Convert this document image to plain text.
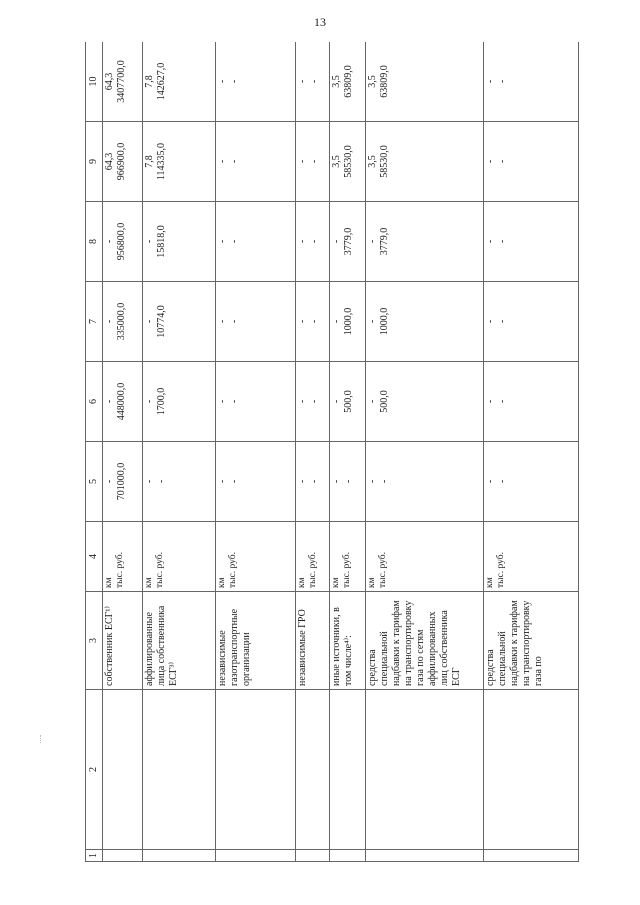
13
1	2	3	4	5	6	7	8	9	10
		собственник ЕСГ¹⁾	км тыс. руб.	- 701000,0	- 448000,0	- 335000,0	- 956800,0	64,3 966900,0	64,3 3407700,0

		аффилированные лица собственника ЕСГ³⁾	км тыс. руб.	- -	- 1700,0	- 10774,0	- 15818,0	7,8 114335,0	7,8 142627,0

		независимые газотранспортные организации	км тыс. руб.	- -	- -	- -	- -	- -	- -

		независимые ГРО	км тыс. руб.	- -	- -	- -	- -	- -	- -

		иные источники, в том числе⁴⁾:	км тыс. руб.	- -	- 500,0	- 1000,0	- 3779,0	3,5 58530,0	3,5 63809,0

		средства специальной надбавки к тарифам на транспортировку газа по сетям аффилированных лиц собственника ЕСГ	км тыс. руб.	- -	- 500,0	- 1000,0	- 3779,0	3,5 58530,0	3,5 63809,0

		средства специальной надбавки к тарифам на транспортировку газа по	км тыс. руб.	- -	- -	- -	- -	- -	- -
